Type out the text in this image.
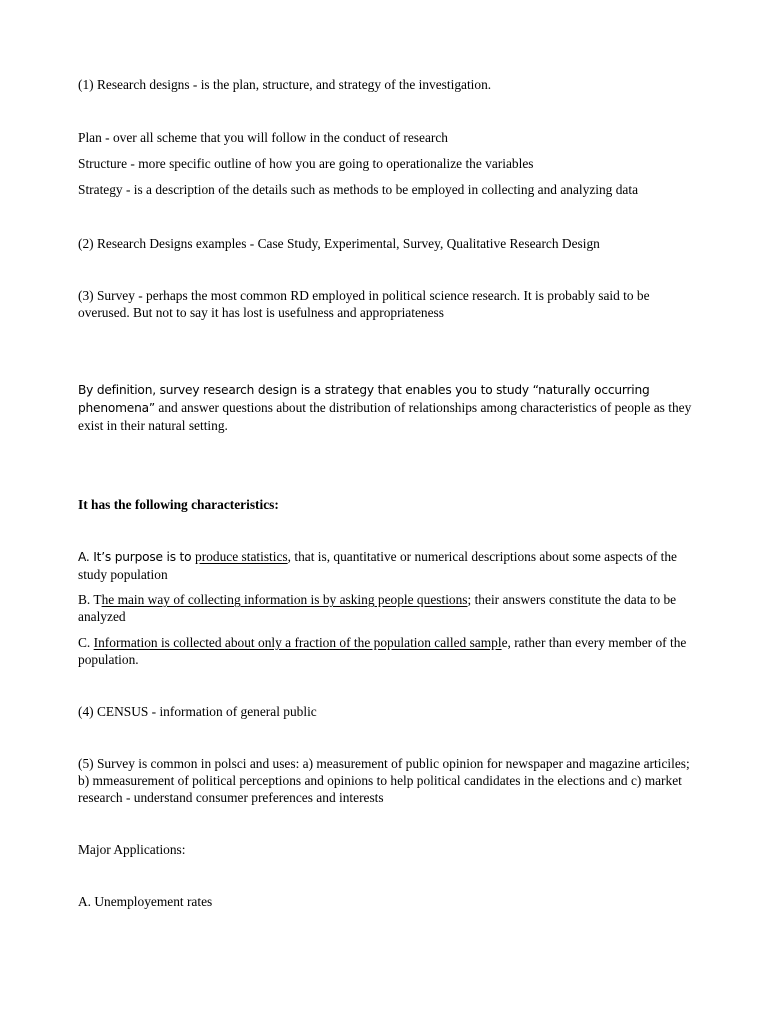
(1) Research designs - is the plan, structure, and strategy of the investigation.

Plan - over all scheme that you will follow in the conduct of research

Structure - more specific outline of how you are going to operationalize the variables

Strategy - is a description of the details such as methods to be employed in collecting and analyzing data

(2) Research Designs examples - Case Study, Experimental, Survey, Qualitative Research Design

(3) Survey - perhaps the most common RD employed in political science research. It is probably said to be overused. But not to say it has lost is usefulness and appropriateness

By definition, survey research design is a strategy that enables you to study “naturally occurring phenomena” and answer questions about the distribution of relationships among characteristics of people as they exist in their natural setting.

It has the following characteristics:

A. It’s purpose is to produce statistics, that is, quantitative or numerical descriptions about some aspects of the study population

B. The main way of collecting information is by asking people questions; their answers constitute the data to be analyzed

C. Information is collected about only a fraction of the population called sample, rather than every member of the population.

(4) CENSUS - information of general public

(5) Survey is common in polsci and uses: a) measurement of public opinion for newspaper and magazine articiles; b) mmeasurement of political perceptions and opinions to help political candidates in the elections and c) market research - understand consumer preferences and interests

Major Applications:

A. Unemployement rates
